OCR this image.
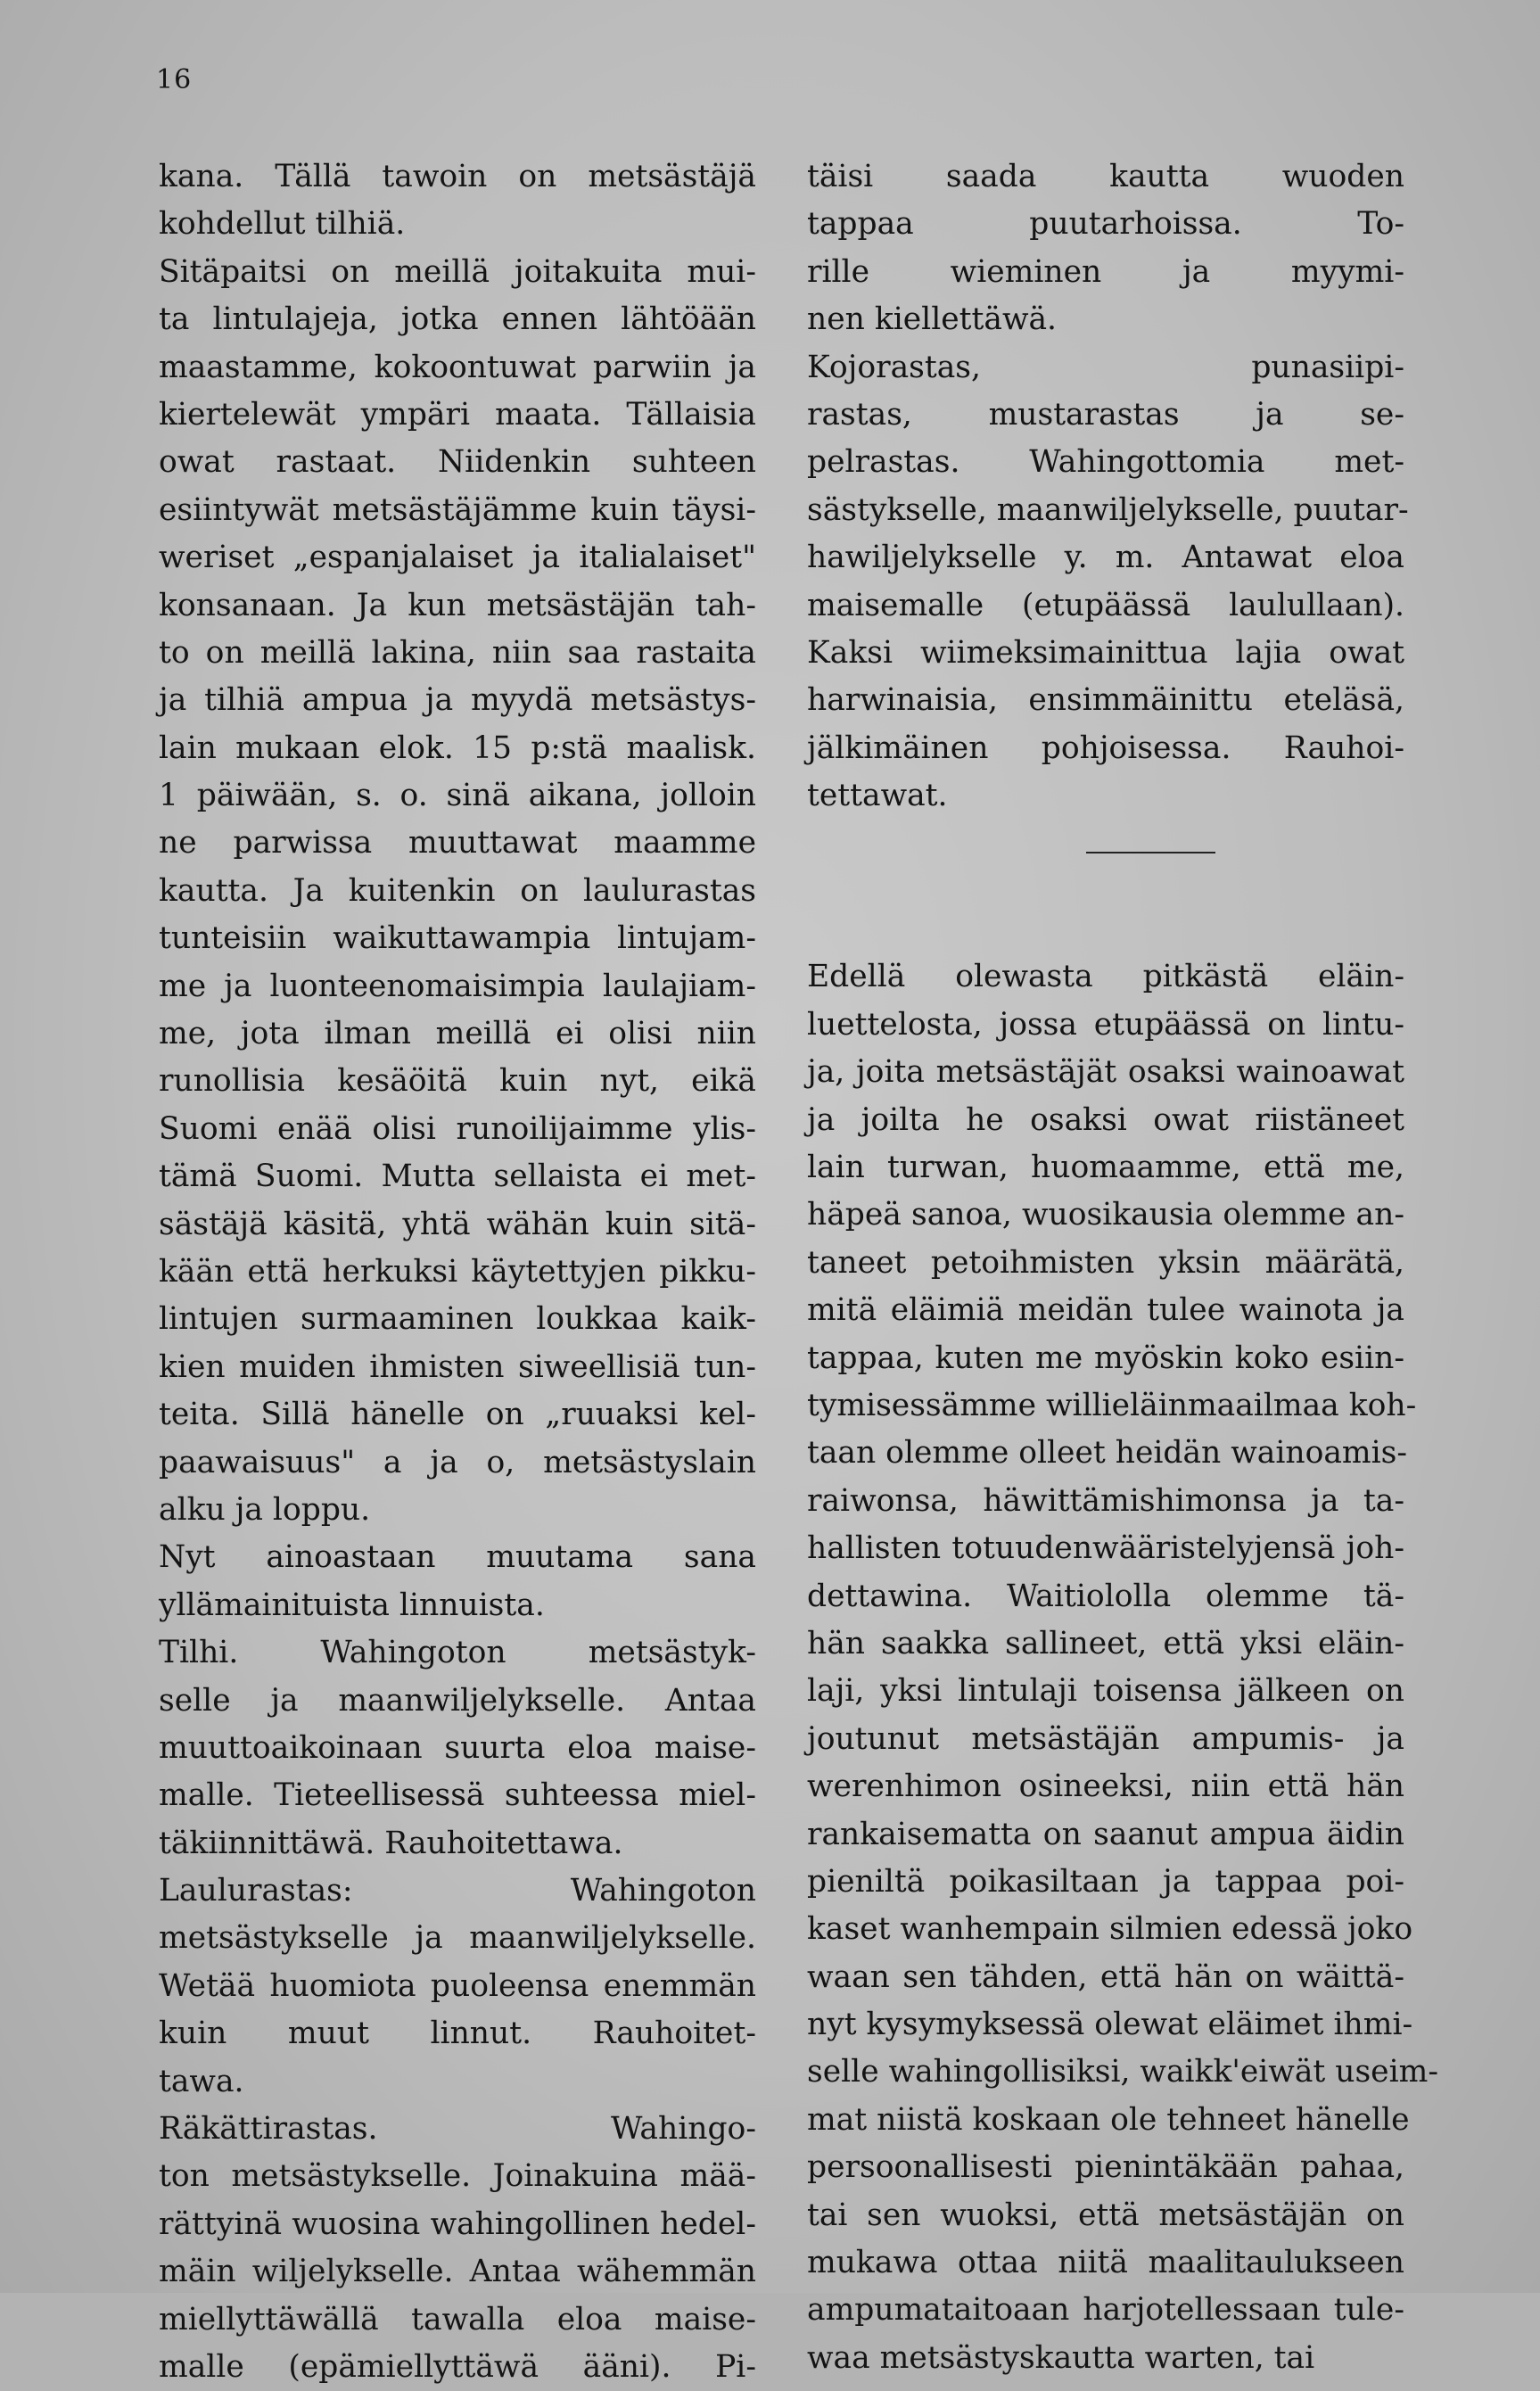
16
kana. Tällä tawoin on metsästäjä
kohdellut tilhiä.
Sitäpaitsi on meillä joitakuita mui-
ta lintulajeja, jotka ennen lähtöään
maastamme, kokoontuwat parwiin ja
kiertelewät ympäri maata. Tällaisia
owat rastaat. Niidenkin suhteen
esiintywät metsästäjämme kuin täysi-
weriset „espanjalaiset ja italialaiset"
konsanaan. Ja kun metsästäjän tah-
to on meillä lakina, niin saa rastaita
ja tilhiä ampua ja myydä metsästys-
lain mukaan elok. 15 p:stä maalisk.
1 päiwään, s. o. sinä aikana, jolloin
ne parwissa muuttawat maamme
kautta. Ja kuitenkin on laulurastas
tunteisiin waikuttawampia lintujam-
me ja luonteenomaisimpia laulajiam-
me, jota ilman meillä ei olisi niin
runollisia kesäöitä kuin nyt, eikä
Suomi enää olisi runoilijaimme ylis-
tämä Suomi. Mutta sellaista ei met-
sästäjä käsitä, yhtä wähän kuin sitä-
kään että herkuksi käytettyjen pikku-
lintujen surmaaminen loukkaa kaik-
kien muiden ihmisten siweellisiä tun-
teita. Sillä hänelle on „ruuaksi kel-
paawaisuus" a ja o, metsästyslain
alku ja loppu.
Nyt ainoastaan muutama sana
yllämainituista linnuista.
Tilhi. Wahingoton metsästyk-
selle ja maanwiljelykselle. Antaa
muuttoaikoinaan suurta eloa maise-
malle. Tieteellisessä suhteessa miel-
täkiinnittäwä. Rauhoitettawa.
Laulurastas: Wahingoton
metsästykselle ja maanwiljelykselle.
Wetää huomiota puoleensa enemmän
kuin muut linnut. Rauhoitet-
tawa.
Räkättirastas. Wahingo-
ton metsästykselle. Joinakuina mää-
rättyinä wuosina wahingollinen hedel-
mäin wiljelykselle. Antaa wähemmän
miellyttäwällä tawalla eloa maise-
malle (epämiellyttäwä ääni). Pi-
täisi saada kautta wuoden
tappaa puutarhoissa. To-
rille wieminen ja myymi-
nen kiellettäwä.
Kojorastas, punasiipi-
rastas, mustarastas ja se-
pelrastas. Wahingottomia met-
sästykselle, maanwiljelykselle, puutar-
hawiljelykselle y. m. Antawat eloa
maisemalle (etupäässä laulullaan).
Kaksi wiimeksimainittua lajia owat
harwinaisia, ensimmäinittu eteläsä,
jälkimäinen pohjoisessa. Rauhoi-
tettawat.
Edellä olewasta pitkästä eläin-
luettelosta, jossa etupäässä on lintu-
ja, joita metsästäjät osaksi wainoawat
ja joilta he osaksi owat riistäneet
lain turwan, huomaamme, että me,
häpeä sanoa, wuosikausia olemme an-
taneet petoihmisten yksin määrätä,
mitä eläimiä meidän tulee wainota ja
tappaa, kuten me myöskin koko esiin-
tymisessämme willieläinmaailmaa koh-
taan olemme olleet heidän wainoamis-
raiwonsa, häwittämishimonsa ja ta-
hallisten totuudenwääristelyjensä joh-
dettawina. Waitiololla olemme tä-
hän saakka sallineet, että yksi eläin-
laji, yksi lintulaji toisensa jälkeen on
joutunut metsästäjän ampumis- ja
werenhimon osineeksi, niin että hän
rankaisematta on saanut ampua äidin
pieniltä poikasiltaan ja tappaa poi-
kaset wanhempain silmien edessä joko
waan sen tähden, että hän on wäittä-
nyt kysymyksessä olewat eläimet ihmi-
selle wahingollisiksi, waikk'eiwät useim-
mat niistä koskaan ole tehneet hänelle
persoonallisesti pienintäkään pahaa,
tai sen wuoksi, että metsästäjän on
mukawa ottaa niitä maalitaulukseen
ampumataitoaan harjotellessaan tule-
waa metsästyskautta warten, tai
